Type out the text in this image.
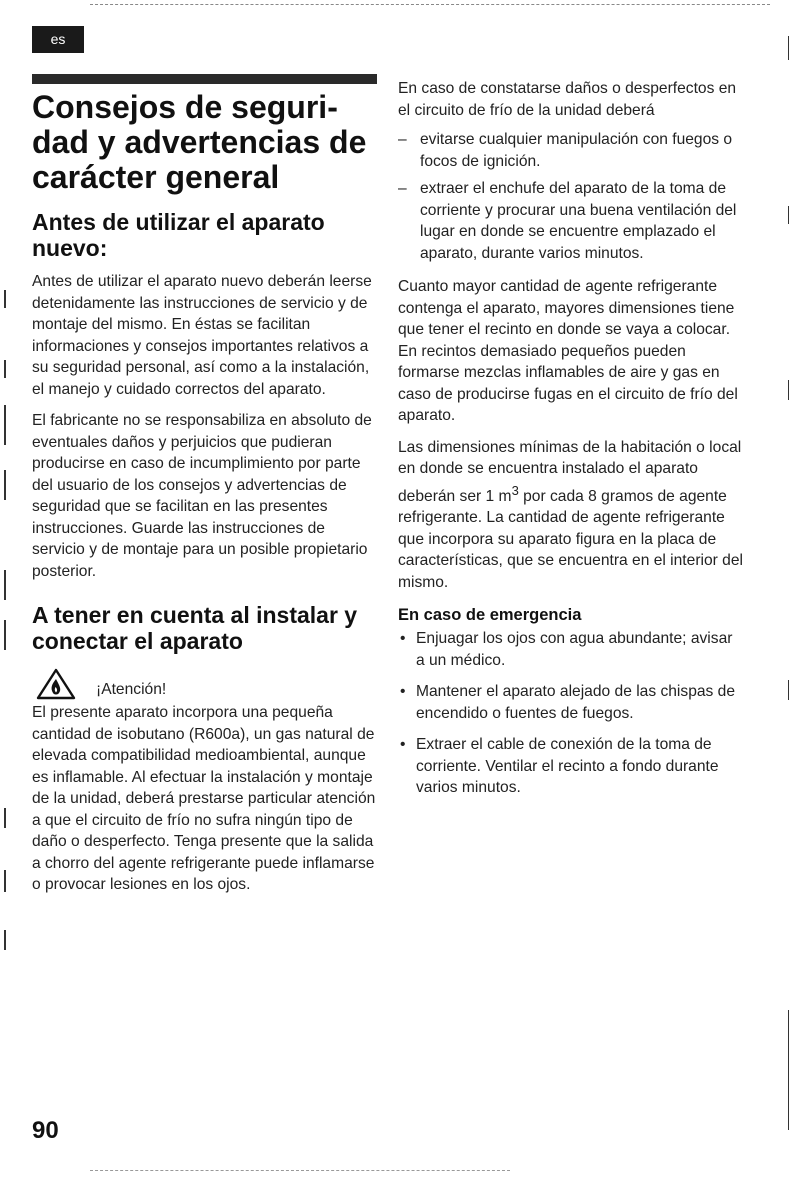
es
Consejos de seguri- dad y advertencias de carácter general
Antes de utilizar el aparato nuevo:

Antes de utilizar el aparato nuevo deberán leerse detenidamente las instrucciones de servicio y de montaje del mismo. En éstas se facilitan informaciones y consejos importantes relativos a su seguridad personal, así como a la instalación, el manejo y cuidado correctos del aparato.

El fabricante no se responsabiliza en absoluto de eventuales daños y perjuicios que pudieran producirse en caso de incumplimiento por parte del usuario de los consejos y advertencias de seguridad que se facilitan en las presentes instrucciones. Guarde las instrucciones de servicio y de montaje para un posible propietario posterior.

A tener en cuenta al instalar y conectar el aparato
¡Atención!

El presente aparato incorpora una pequeña cantidad de isobutano (R600a), un gas natural de elevada compatibilidad medioambiental, aunque es inflamable. Al efectuar la instalación y montaje de la unidad, deberá prestarse particular atención a que el circuito de frío no sufra ningún tipo de daño o desperfecto. Tenga presente que la salida a chorro del agente refrigerante puede inflamarse o provocar lesiones en los ojos.

En caso de constatarse daños o desperfectos en el circuito de frío de la unidad deberá

– evitarse cualquier manipulación con fuegos o focos de ignición.
– extraer el enchufe del aparato de la toma de corriente y procurar una buena ventilación del lugar en donde se encuentre emplazado el aparato, durante varios minutos.

Cuanto mayor cantidad de agente refrigerante contenga el aparato, mayores dimensiones tiene que tener el recinto en donde se vaya a colocar. En recintos demasiado pequeños pueden formarse mezclas inflamables de aire y gas en caso de producirse fugas en el circuito de frío del aparato.

Las dimensiones mínimas de la habitación o local en donde se encuentra instalado el aparato deberán ser 1 $m^3$ por cada 8 gramos de agente refrigerante. La cantidad de agente refrigerante que incorpora su aparato figura en la placa de características, que se encuentra en el interior del mismo.

En caso de emergencia
• Enjuagar los ojos con agua abundante; avisar a un médico.
• Mantener el aparato alejado de las chispas de encendido o fuentes de fuegos.
• Extraer el cable de conexión de la toma de corriente. Ventilar el recinto a fondo durante varios minutos.
90
